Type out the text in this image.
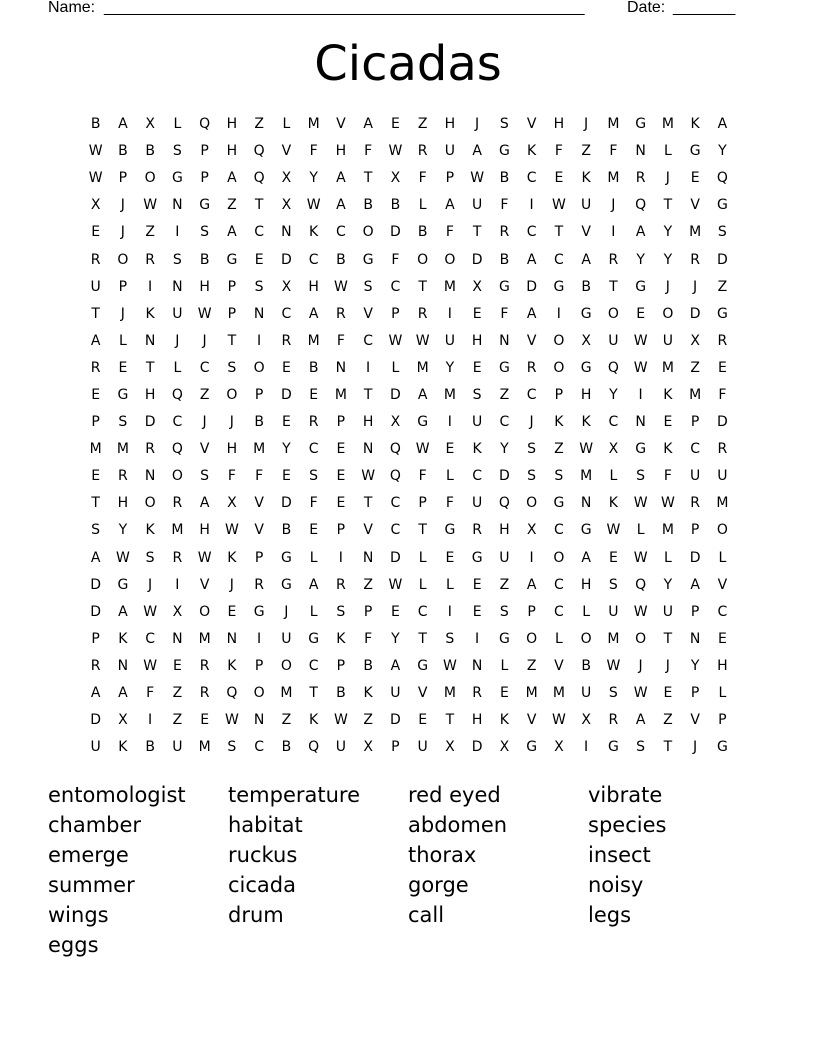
Name: ______________________________________________________	Date: _______
Cicadas
B	A	X	L	Q	H	Z	L	M	V	A	E	Z	H	J	S	V	H	J	M	G	M	K	A
W	B	B	S	P	H	Q	V	F	H	F	W	R	U	A	G	K	F	Z	F	N	L	G	Y
W	P	O	G	P	A	Q	X	Y	A	T	X	F	P	W	B	C	E	K	M	R	J	E	Q
X	J	W	N	G	Z	T	X	W	A	B	B	L	A	U	F	I	W	U	J	Q	T	V	G
E	J	Z	I	S	A	C	N	K	C	O	D	B	F	T	R	C	T	V	I	A	Y	M	S
R	O	R	S	B	G	E	D	C	B	G	F	O	O	D	B	A	C	A	R	Y	Y	R	D
U	P	I	N	H	P	S	X	H	W	S	C	T	M	X	G	D	G	B	T	G	J	J	Z
T	J	K	U	W	P	N	C	A	R	V	P	R	I	E	F	A	I	G	O	E	O	D	G
A	L	N	J	J	T	I	R	M	F	C	W W	U	H	N	V	O	X	U	W	U	X	R
R	E	T	L	C	S	O	E	B	N	I	L	M	Y	E	G	R	O	G	Q	W	M	Z	E
E	G	H	Q	Z	O	P	D	E	M	T	D	A	M	S	Z	C	P	H	Y	I	K	M	F
P	S	D	C	J	J	B	E	R	P	H	X	G	I	U	C	J	K	K	C	N	E	P	D
M	M	R	Q	V	H	M	Y	C	E	N	Q	W	E	K	Y	S	Z	W	X	G	K	C	R
E	R	N	O	S	F	F	E	S	E	W	Q	F	L	C	D	S	S	M	L	S	F	U	U
T	H	O	R	A	X	V	D	F	E	T	C	P	F	U	Q	O	G	N	K	W W	R	M
S	Y	K	M	H	W	V	B	E	P	V	C	T	G	R	H	X	C	G	W	L	M	P	O
A	W	S	R	W	K	P	G	L	I	N	D	L	E	G	U	I	O	A	E	W	L	D	L
D	G	J	I	V	J	R	G	A	R	Z	W	L	L	E	Z	A	C	H	S	Q	Y	A	V
D	A	W	X	O	E	G	J	L	S	P	E	C	I	E	S	P	C	L	U	W	U	P	C
P	K	C	N	M	N	I	U	G	K	F	Y	T	S	I	G	O	L	O	M	O	T	N	E
R	N	W	E	R	K	P	O	C	P	B	A	G	W	N	L	Z	V	B	W	J	J	Y	H
A	A	F	Z	R	Q	O	M	T	B	K	U	V	M	R	E	M	M	U	S	W	E	P	L
D	X	I	Z	E	W	N	Z	K	W	Z	D	E	T	H	K	V	W	X	R	A	Z	V	P
U	K	B	U	M	S	C	B	Q	U	X	P	U	X	D	X	G	X	I	G	S	T	J	G
entomologist	temperature	red eyed	vibrate
chamber	habitat	abdomen	species
emerge	ruckus	thorax	insect
summer	cicada	gorge	noisy
wings	drum	call	legs
eggs
